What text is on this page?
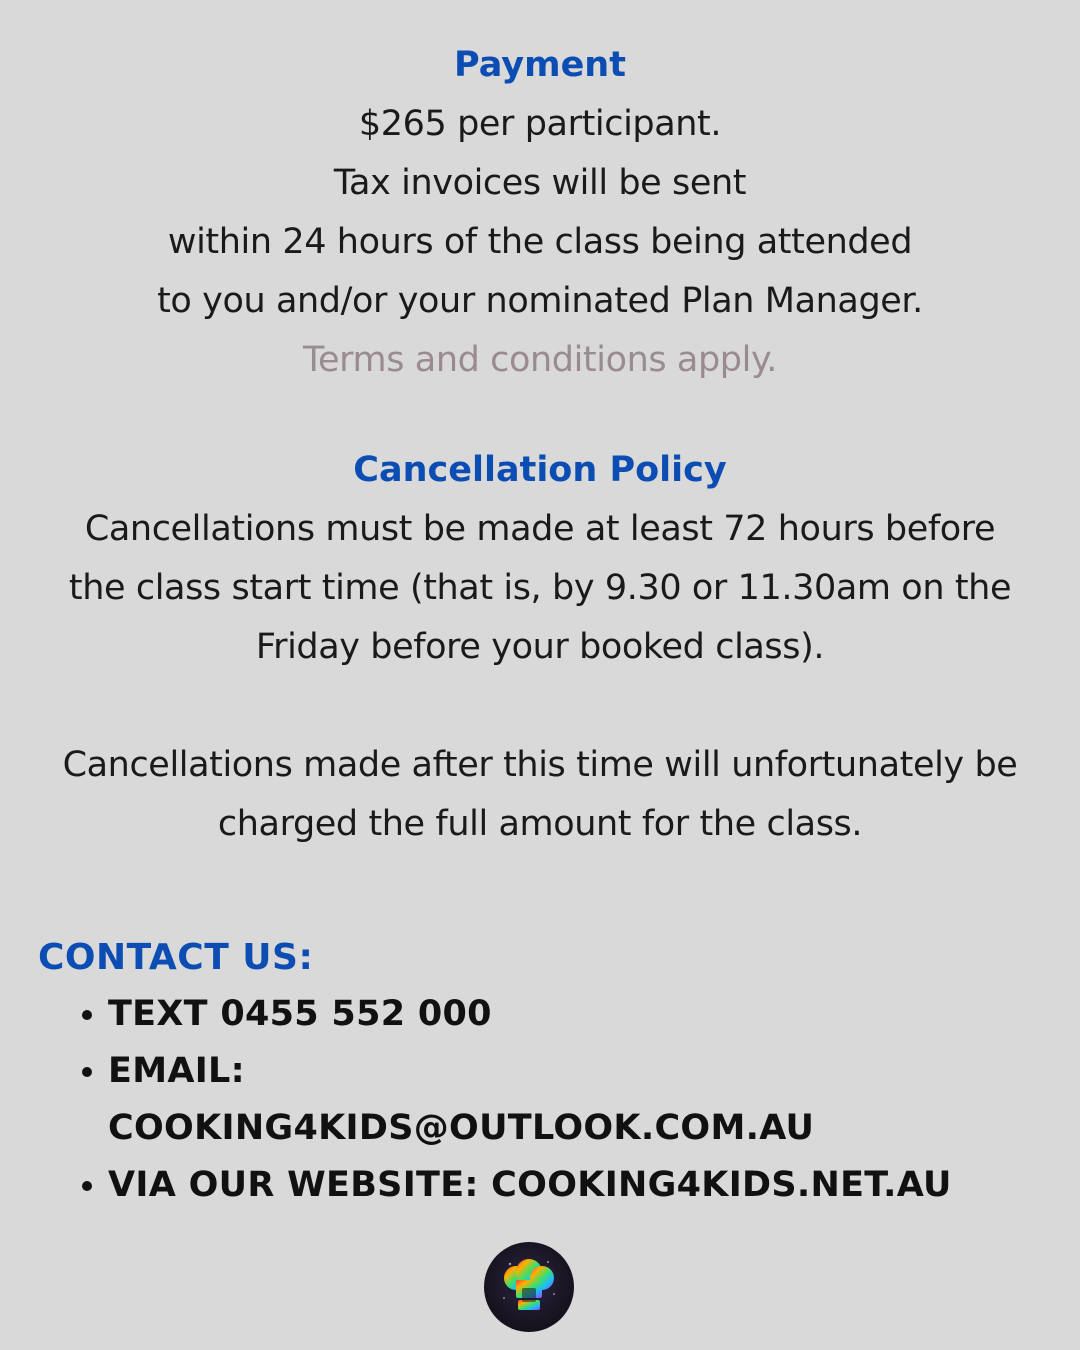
Payment
$265 per participant.
Tax invoices will be sent
within 24 hours of the class being attended
to you and/or your nominated Plan Manager.
Terms and conditions apply.
Cancellation Policy
Cancellations must be made at least 72 hours before
the class start time (that is, by 9.30 or 11.30am on the
Friday before your booked class).
Cancellations made after this time will unfortunately be
charged the full amount for the class.
CONTACT US:
TEXT 0455 552 000
EMAIL:
COOKING4KIDS@OUTLOOK.COM.AU
VIA OUR WEBSITE: COOKING4KIDS.NET.AU
